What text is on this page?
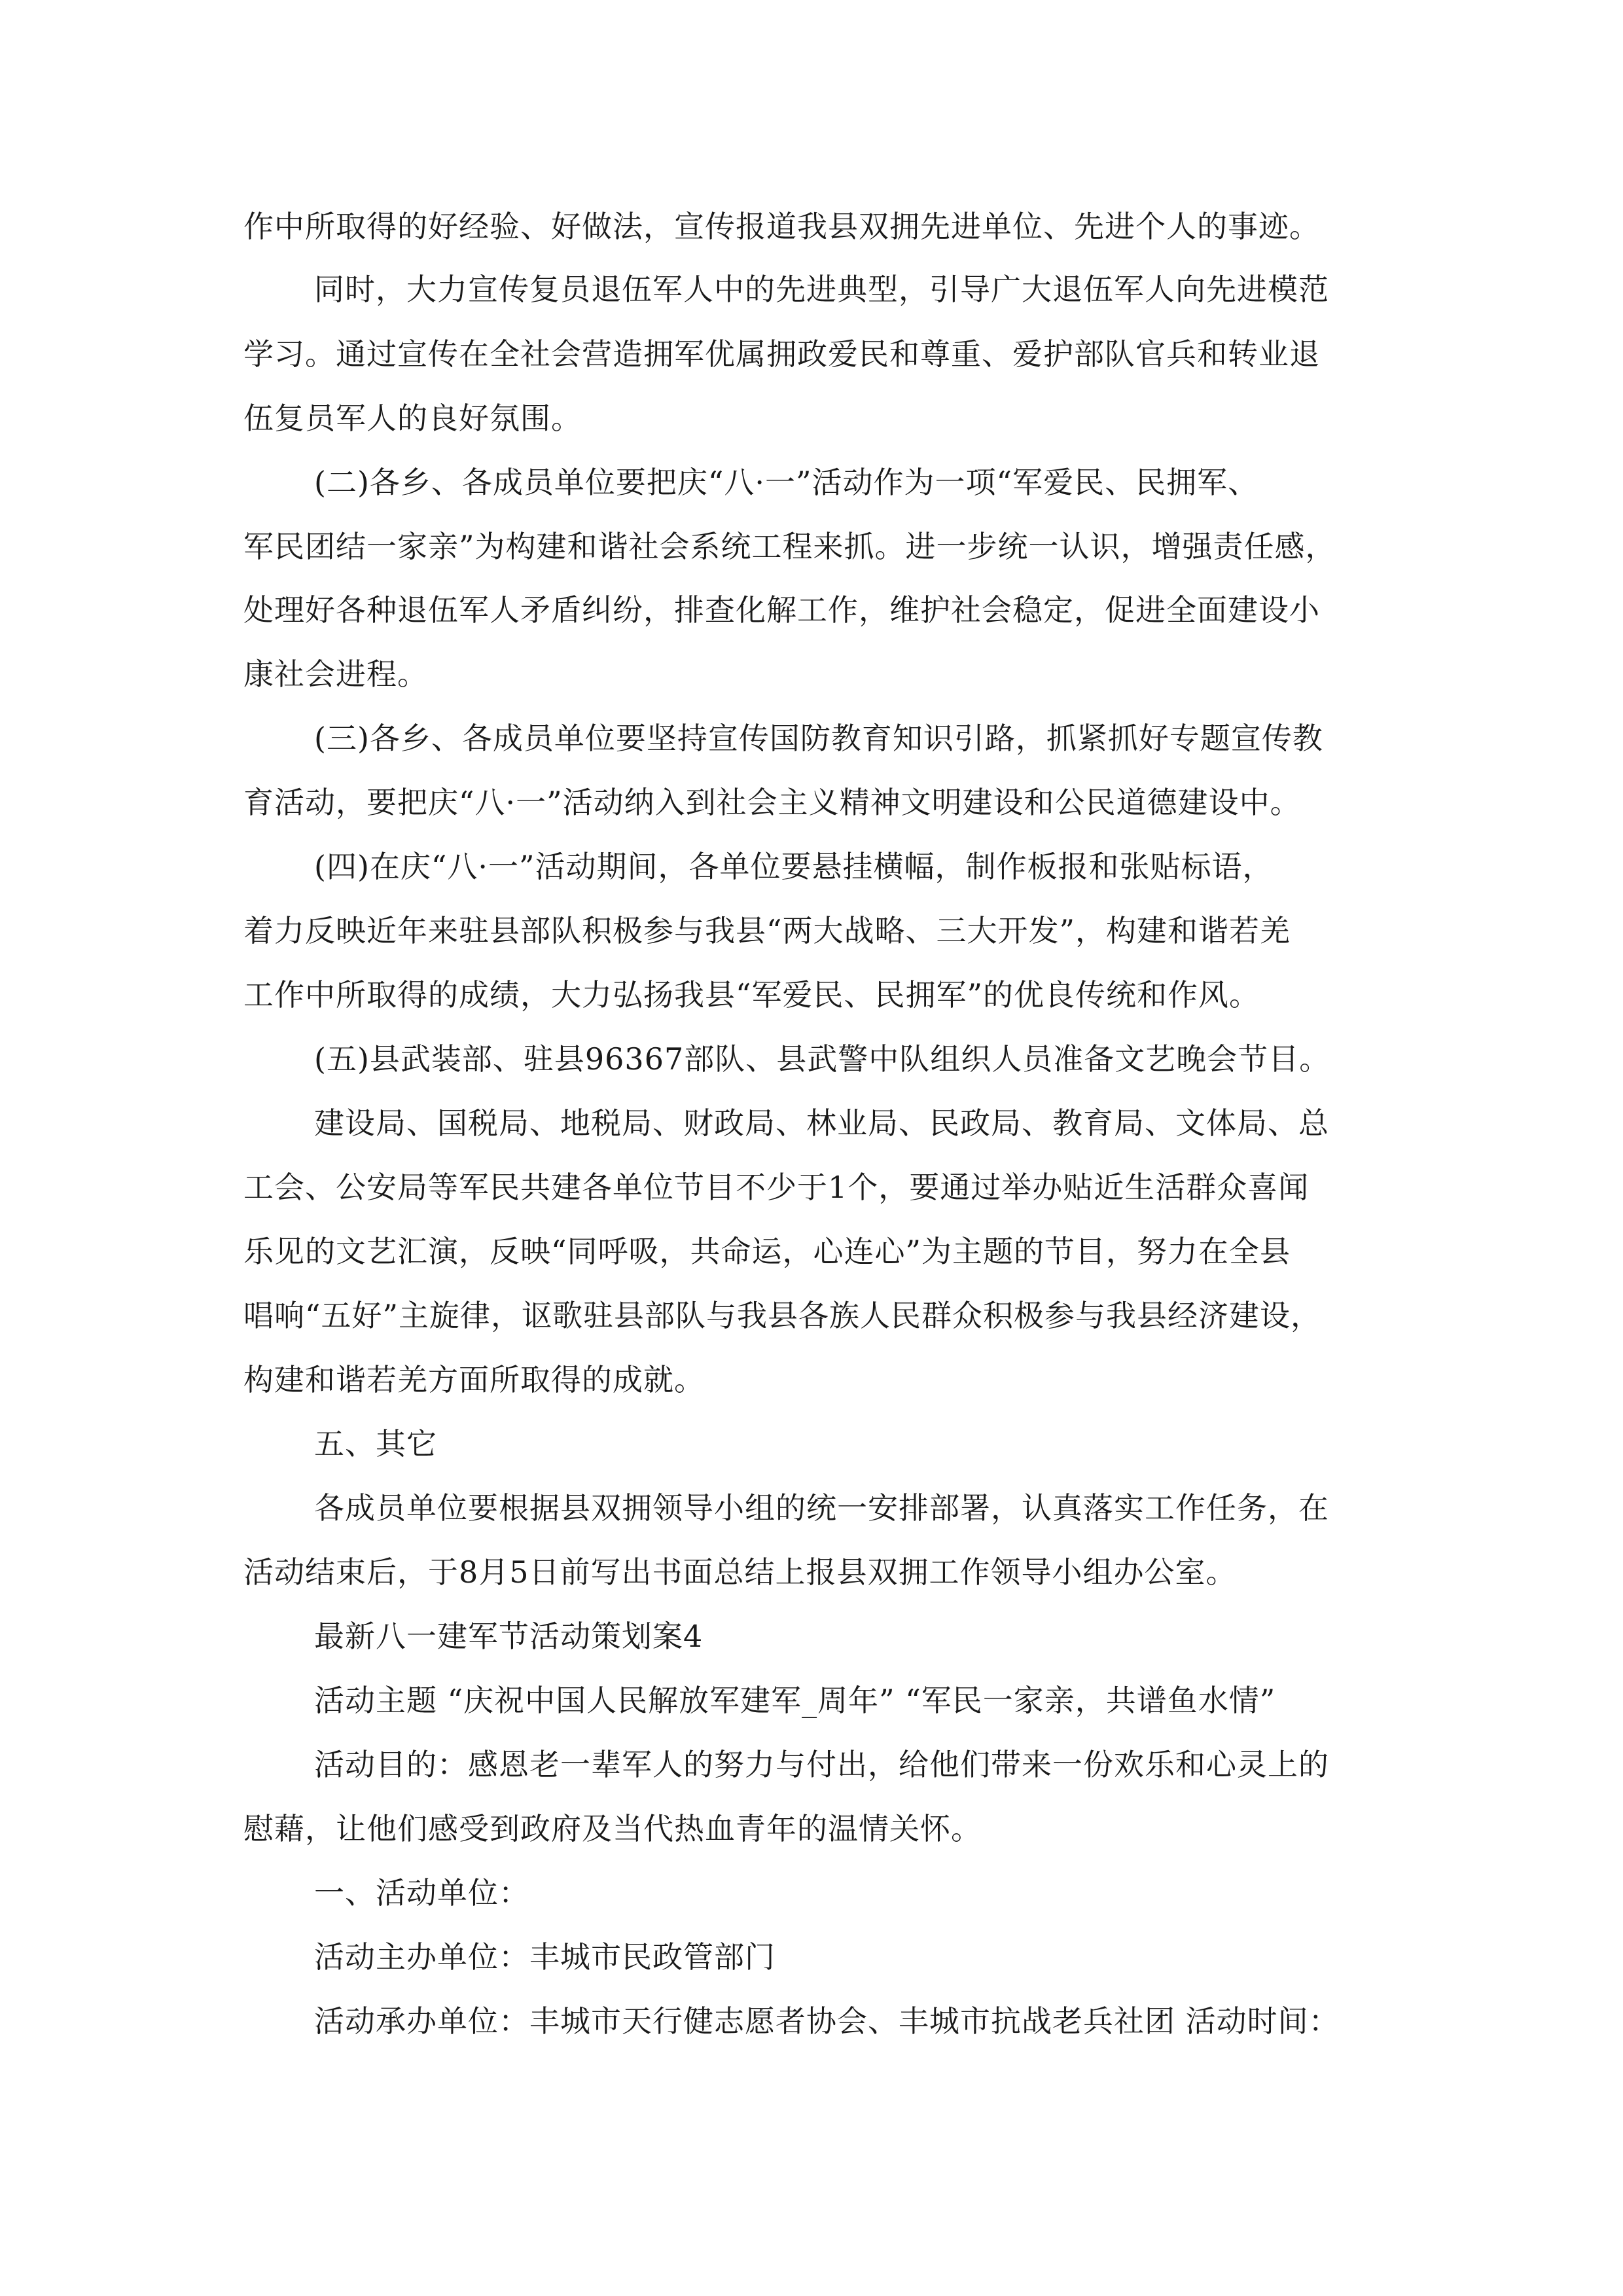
作中所取得的好经验、好做法，宣传报道我县双拥先进单位、先进个人的事迹。
同时，大力宣传复员退伍军人中的先进典型，引导广大退伍军人向先进模范
学习。通过宣传在全社会营造拥军优属拥政爱民和尊重、爱护部队官兵和转业退
伍复员军人的良好氛围。
(二)各乡、各成员单位要把庆“八·一”活动作为一项“军爱民、民拥军、
军民团结一家亲”为构建和谐社会系统工程来抓。进一步统一认识，增强责任感，
处理好各种退伍军人矛盾纠纷，排查化解工作，维护社会稳定，促进全面建设小
康社会进程。
(三)各乡、各成员单位要坚持宣传国防教育知识引路，抓紧抓好专题宣传教
育活动，要把庆“八·一”活动纳入到社会主义精神文明建设和公民道德建设中。
(四)在庆“八·一”活动期间，各单位要悬挂横幅，制作板报和张贴标语，
着力反映近年来驻县部队积极参与我县“两大战略、三大开发”，构建和谐若羌
工作中所取得的成绩，大力弘扬我县“军爱民、民拥军”的优良传统和作风。
(五)县武装部、驻县96367部队、县武警中队组织人员准备文艺晚会节目。
建设局、国税局、地税局、财政局、林业局、民政局、教育局、文体局、总
工会、公安局等军民共建各单位节目不少于1个，要通过举办贴近生活群众喜闻
乐见的文艺汇演，反映“同呼吸，共命运，心连心”为主题的节目，努力在全县
唱响“五好”主旋律，讴歌驻县部队与我县各族人民群众积极参与我县经济建设，
构建和谐若羌方面所取得的成就。
五、其它
各成员单位要根据县双拥领导小组的统一安排部署，认真落实工作任务，在
活动结束后，于8月5日前写出书面总结上报县双拥工作领导小组办公室。
最新八一建军节活动策划案4
活动主题 “庆祝中国人民解放军建军_周年” “军民一家亲，共谱鱼水情”
活动目的：感恩老一辈军人的努力与付出，给他们带来一份欢乐和心灵上的
慰藉，让他们感受到政府及当代热血青年的温情关怀。
一、活动单位：
活动主办单位：丰城市民政管部门
活动承办单位：丰城市天行健志愿者协会、丰城市抗战老兵社团 活动时间：
